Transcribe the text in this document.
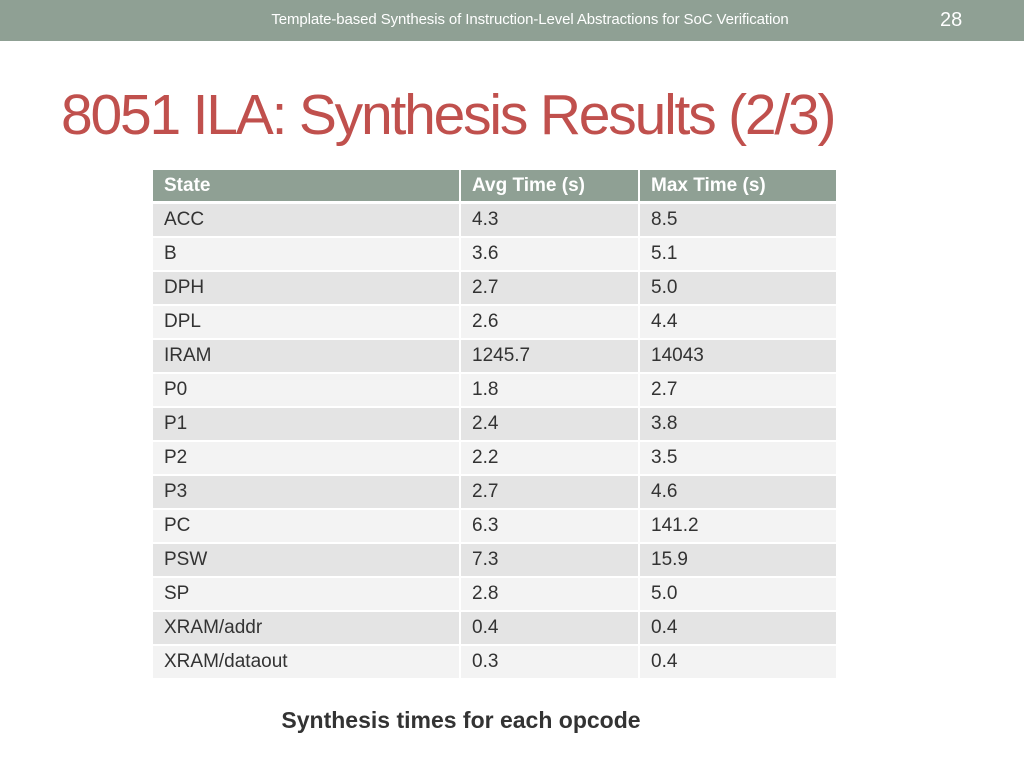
Template-based Synthesis of Instruction-Level Abstractions for SoC Verification	28
8051 ILA: Synthesis Results (2/3)
State	Avg Time (s)	Max Time (s)
ACC	4.3	8.5
B	3.6	5.1
DPH	2.7	5.0
DPL	2.6	4.4
IRAM	1245.7	14043
P0	1.8	2.7
P1	2.4	3.8
P2	2.2	3.5
P3	2.7	4.6
PC	6.3	141.2
PSW	7.3	15.9
SP	2.8	5.0
XRAM/addr	0.4	0.4
XRAM/dataout	0.3	0.4
Synthesis times for each opcode
